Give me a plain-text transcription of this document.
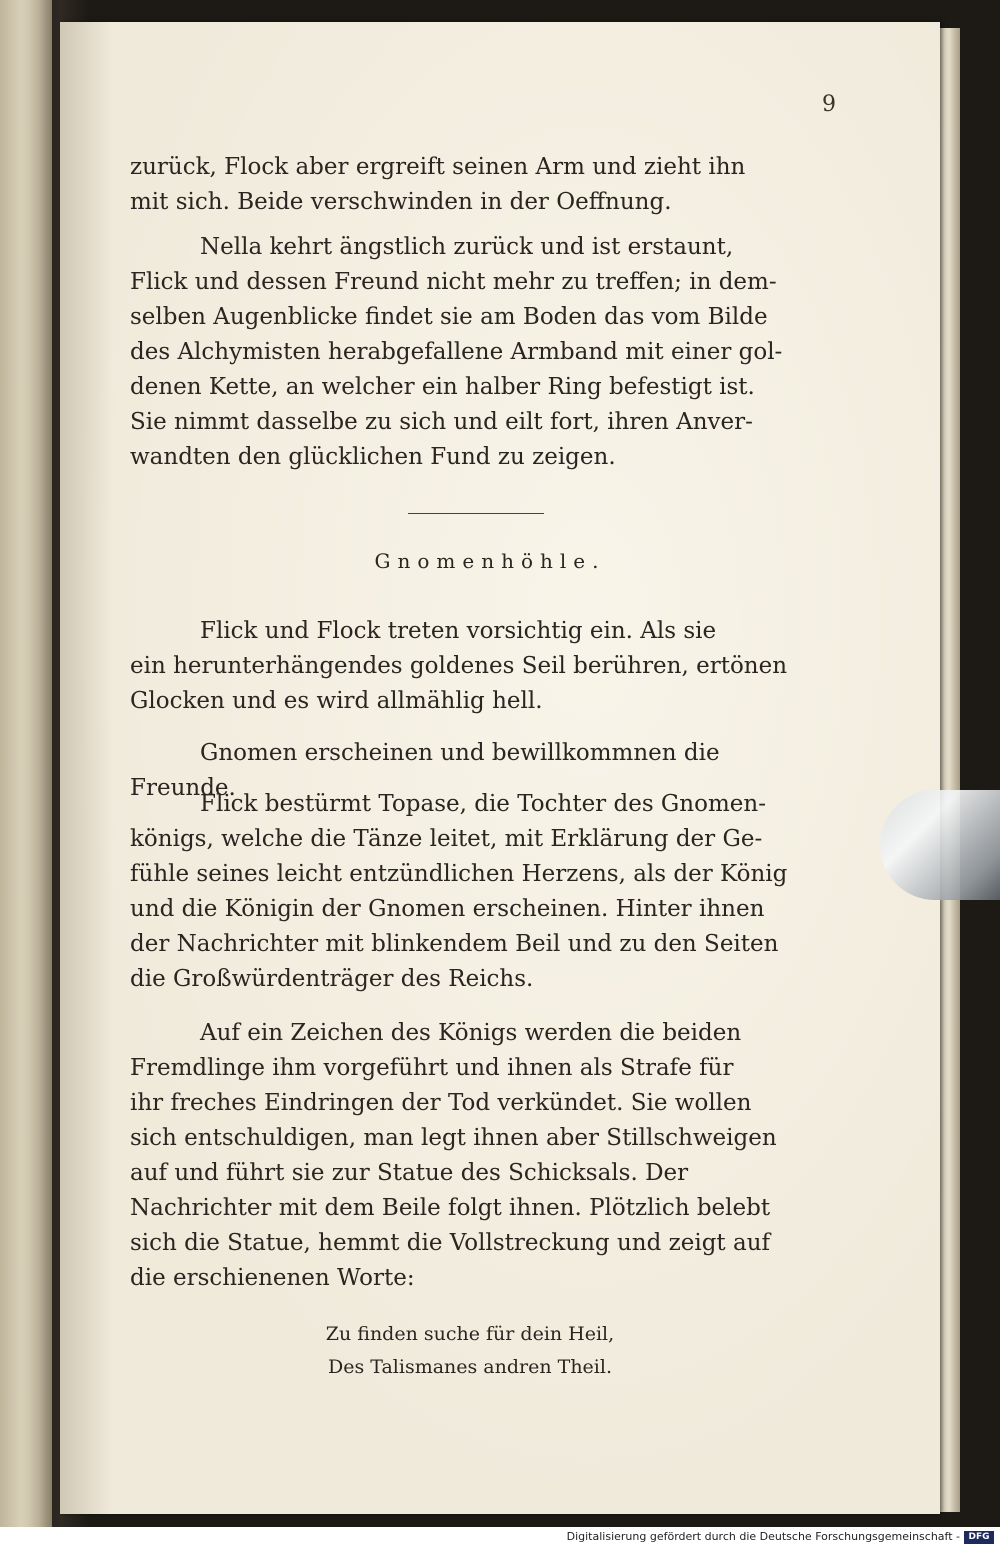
9

zurück, Flock aber ergreift seinen Arm und zieht ihn

mit sich. Beide verschwinden in der Oeffnung.

Nella kehrt ängstlich zurück und ist erstaunt,

Flick und dessen Freund nicht mehr zu treffen; in dem-

selben Augenblicke findet sie am Boden das vom Bilde

des Alchymisten herabgefallene Armband mit einer gol-

denen Kette, an welcher ein halber Ring befestigt ist.

Sie nimmt dasselbe zu sich und eilt fort, ihren Anver-

wandten den glücklichen Fund zu zeigen.

Gnomenhöhle.

Flick und Flock treten vorsichtig ein. Als sie

ein herunterhängendes goldenes Seil berühren, ertönen

Glocken und es wird allmählig hell.

Gnomen erscheinen und bewillkommnen die Freunde.

Flick bestürmt Topase, die Tochter des Gnomen-

königs, welche die Tänze leitet, mit Erklärung der Ge-

fühle seines leicht entzündlichen Herzens, als der König

und die Königin der Gnomen erscheinen. Hinter ihnen

der Nachrichter mit blinkendem Beil und zu den Seiten

die Großwürdenträger des Reichs.

Auf ein Zeichen des Königs werden die beiden

Fremdlinge ihm vorgeführt und ihnen als Strafe für

ihr freches Eindringen der Tod verkündet. Sie wollen

sich entschuldigen, man legt ihnen aber Stillschweigen

auf und führt sie zur Statue des Schicksals. Der

Nachrichter mit dem Beile folgt ihnen. Plötzlich belebt

sich die Statue, hemmt die Vollstreckung und zeigt auf

die erschienenen Worte:

Zu finden suche für dein Heil,
Des Talismanes andren Theil.
Digitalisierung gefördert durch die Deutsche Forschungsgemeinschaft - DFG
